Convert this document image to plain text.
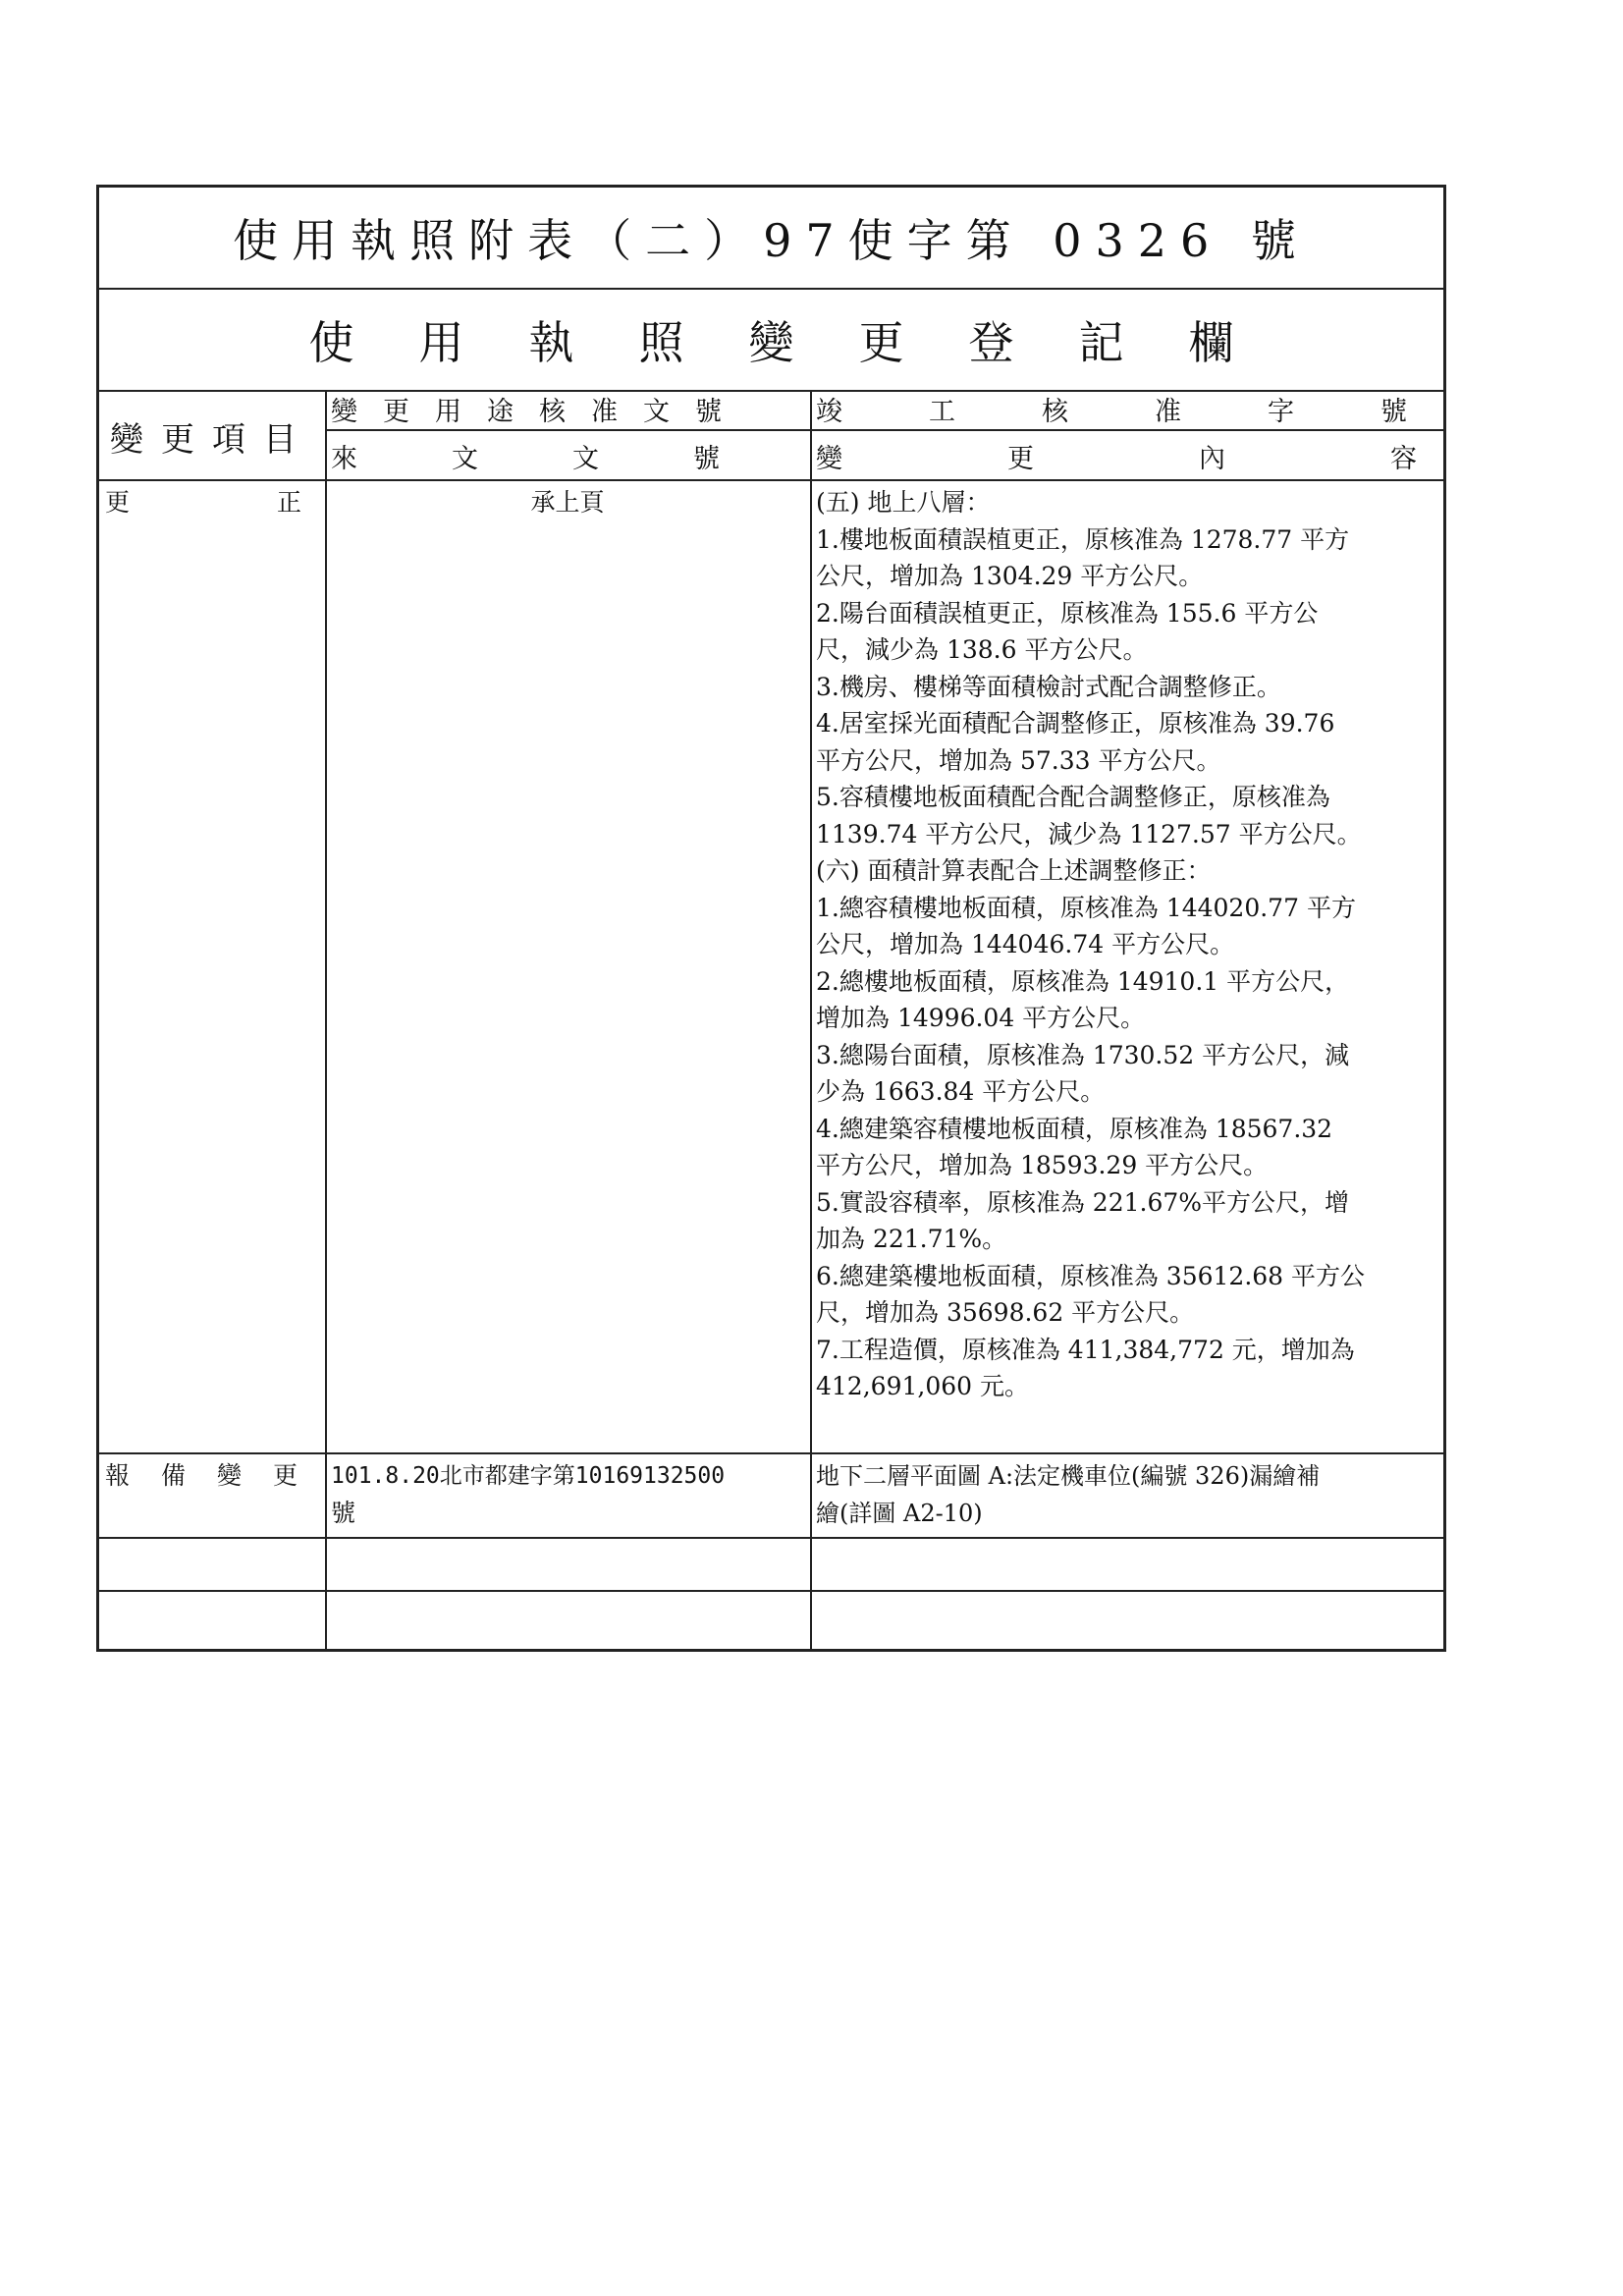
使用執照附表（二）97使字第 0326 號
使用執照變更登記欄
變更項目
變更用途核准文號
來文文號
竣工核准字號
變更內容
更正	承上頁	(五) 地上八層：
1.樓地板面積誤植更正，原核准為 1278.77 平方
公尺，增加為 1304.29 平方公尺。
2.陽台面積誤植更正，原核准為 155.6 平方公
尺，減少為 138.6 平方公尺。
3.機房、樓梯等面積檢討式配合調整修正。
4.居室採光面積配合調整修正，原核准為 39.76
平方公尺，增加為 57.33 平方公尺。
5.容積樓地板面積配合配合調整修正，原核准為
1139.74 平方公尺，減少為 1127.57 平方公尺。
(六) 面積計算表配合上述調整修正：
1.總容積樓地板面積，原核准為 144020.77 平方
公尺，增加為 144046.74 平方公尺。
2.總樓地板面積，原核准為 14910.1 平方公尺，
增加為 14996.04 平方公尺。
3.總陽台面積，原核准為 1730.52 平方公尺，減
少為 1663.84 平方公尺。
4.總建築容積樓地板面積，原核准為 18567.32
平方公尺，增加為 18593.29 平方公尺。
5.實設容積率，原核准為 221.67%平方公尺，增
加為 221.71%。
6.總建築樓地板面積，原核准為 35612.68 平方公
尺，增加為 35698.62 平方公尺。
7.工程造價，原核准為 411,384,772 元，增加為
412,691,060 元。
報備變更 101.8.20北市都建字第10169132500
號
地下二層平面圖 A:法定機車位(編號 326)漏繪補
繪(詳圖 A2-10)
